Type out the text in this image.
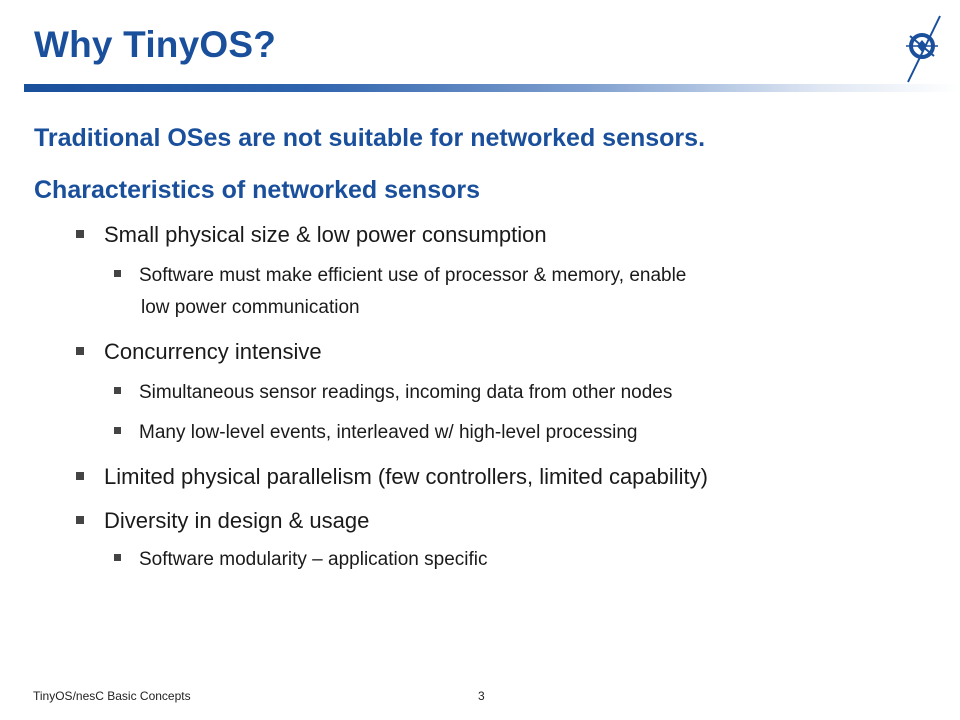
Why TinyOS?
Traditional OSes are not suitable for networked sensors.
Characteristics of networked sensors
Small physical size & low power consumption
Software must make efficient use of processor & memory, enable
low power communication
Concurrency intensive
Simultaneous sensor readings, incoming data from other nodes
Many low-level events, interleaved w/ high-level processing
Limited physical parallelism (few controllers, limited capability)
Diversity in design & usage
Software modularity – application specific
TinyOS/nesC Basic Concepts	3
